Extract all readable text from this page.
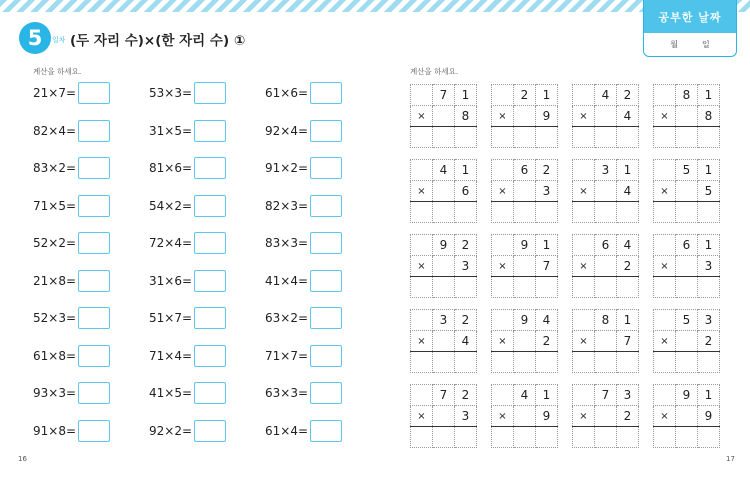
5 일차 (두 자리 수)×(한 자리 수) ①
공부한 날짜
월	일
계산을 하세요.	계산을 하세요.
21×7=	53×3=	61×6=
82×4=	31×5=	92×4=
83×2=	81×6=	91×2=
71×5=	54×2=	82×3=
52×2=	72×4=	83×3=
21×8=	31×6=	41×4=
52×3=	51×7=	63×2=
61×8=	71×4=	71×7=
93×3=	41×5=	63×3=
91×8=	92×2=	61×4=
	7	1
×		8

	2	1
×		9

	4	2
×		4

	8	1
×		8

	4	1
×		6

	6	2
×		3

	3	1
×		4

	5	1
×		5

	9	2
×		3

	9	1
×		7

	6	4
×		2

	6	1
×		3

	3	2
×		4

	9	4
×		2

	8	1
×		7

	5	3
×		2

	7	2
×		3

	4	1
×		9

	7	3
×		2

	9	1
×		9

16	17
